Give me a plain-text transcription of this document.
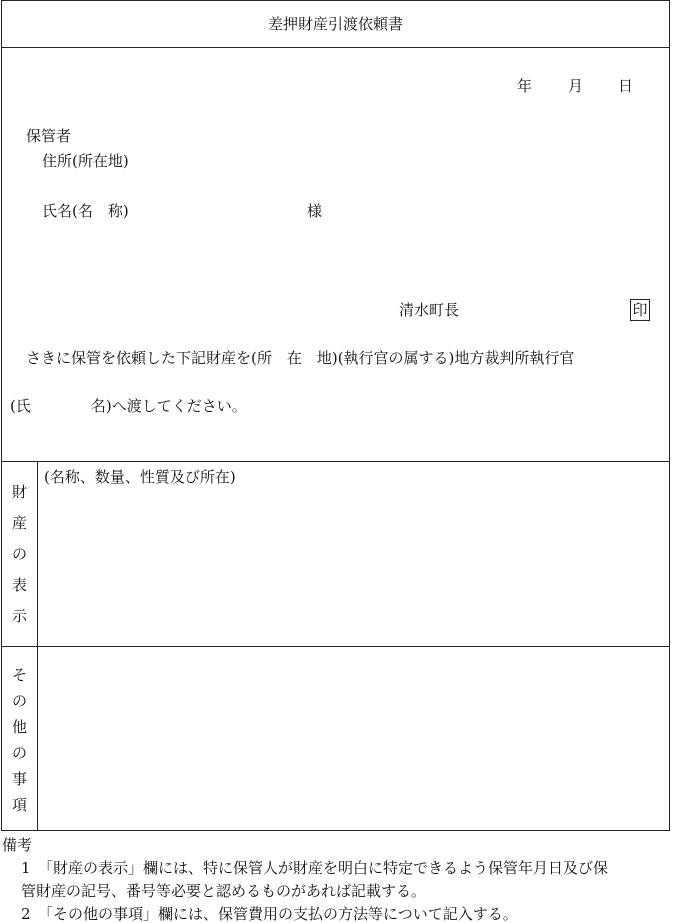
差押財産引渡依頼書
年 月 日
保管者
住所(所在地)
氏名(名　称)	様
清水町長	印
さきに保管を依頼した下記財産を(所　在　地)(執行官の属する)地方裁判所執行官
(氏　　　　名)へ渡してください。
財
産
の
表
示
(名称、数量、性質及び所在)
そ
の
他
の
事
項
備考
1　「財産の表示」欄には、特に保管人が財産を明白に特定できるよう保管年月日及び保
管財産の記号、番号等必要と認めるものがあれば記載する。
2　「その他の事項」欄には、保管費用の支払の方法等について記入する。
